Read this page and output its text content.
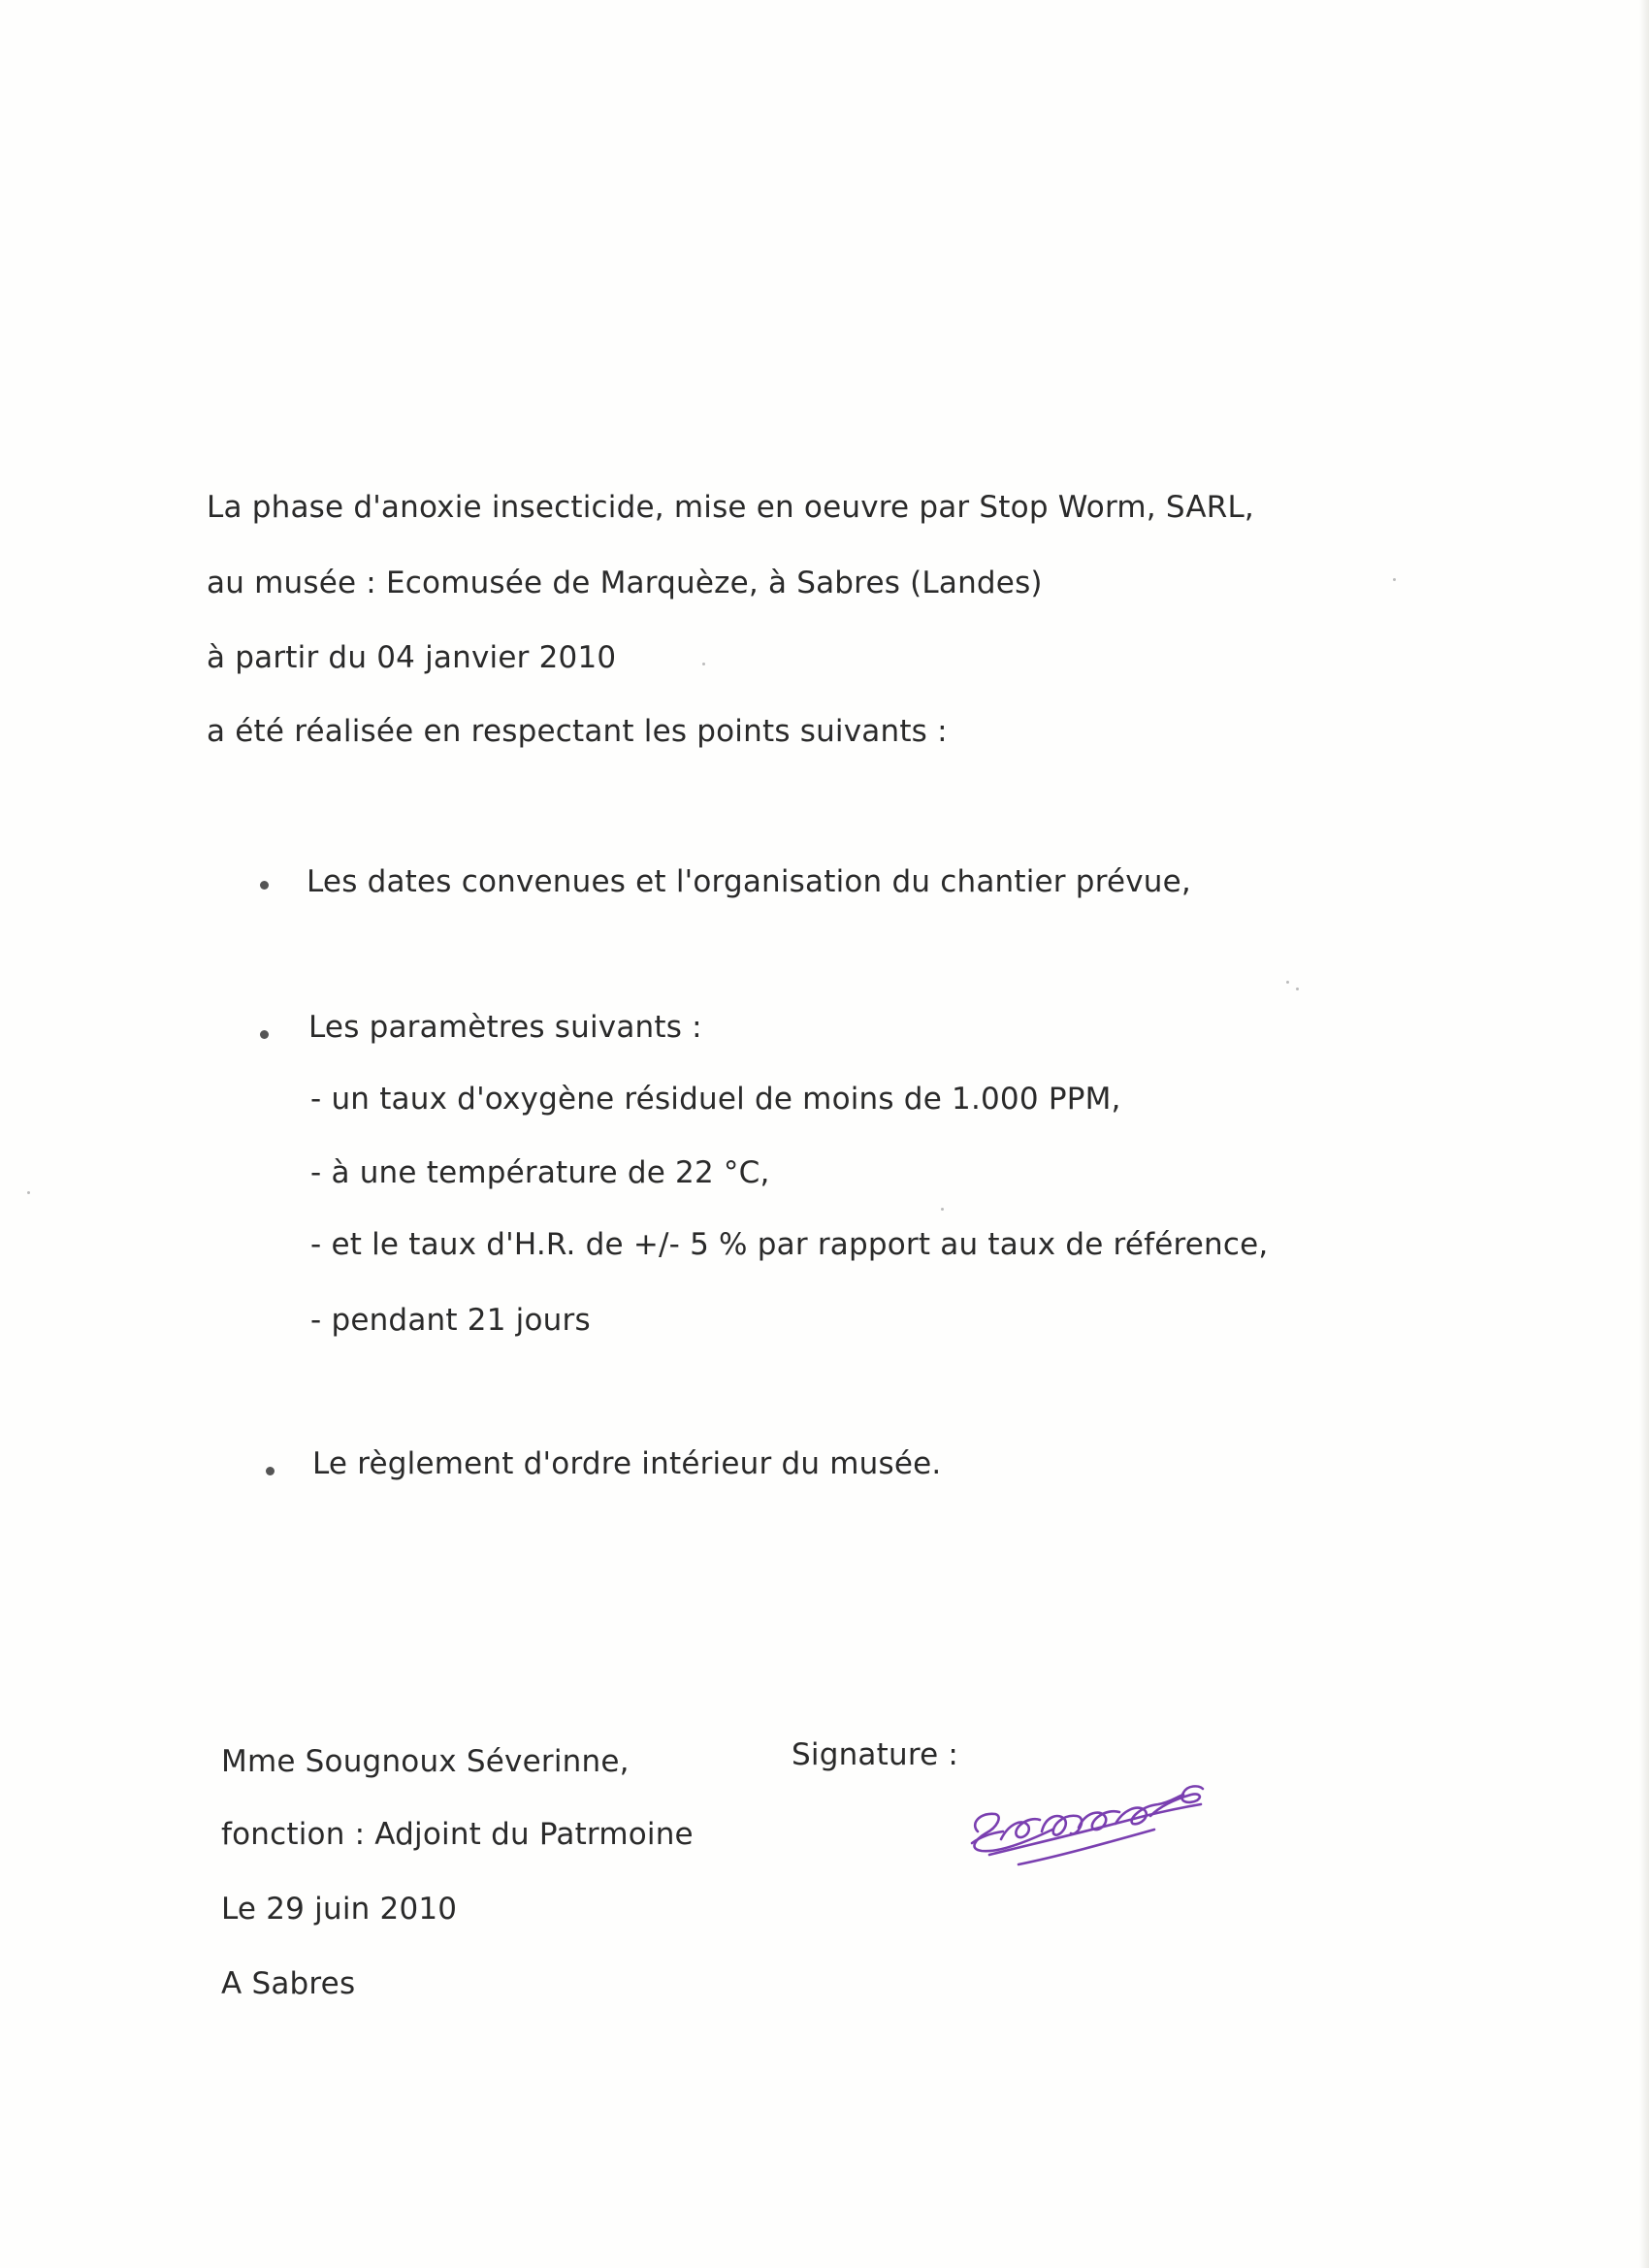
La phase d'anoxie insecticide, mise en oeuvre par Stop Worm, SARL,
au musée : Ecomusée de Marquèze, à Sabres (Landes)
à partir du 04 janvier 2010
a été réalisée en respectant les points suivants :
Les dates convenues et l'organisation du chantier prévue,
Les paramètres suivants :
- un taux d'oxygène résiduel de moins de 1.000 PPM,
- à une température de 22 °C,
- et le taux d'H.R. de +/- 5 % par rapport au taux de référence,
- pendant 21 jours
Le règlement d'ordre intérieur du musée.
Mme Sougnoux Séverinne,
fonction : Adjoint du Patrmoine
Le 29 juin 2010
A Sabres
Signature :
